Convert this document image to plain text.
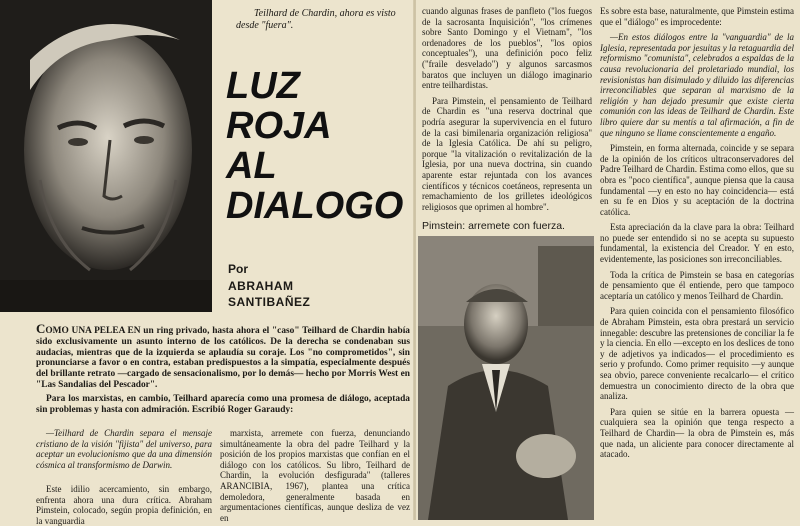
Teilhard de Chardin, ahora es visto desde "fuera".
LUZ
ROJA
AL
DIALOGO
Por
ABRAHAM SANTIBAÑEZ

COMO UNA PELEA EN un ring privado, hasta ahora el "caso" Teilhard de Chardin había sido exclusivamente un asunto interno de los católicos. De la derecha se condenaban sus audacias, mientras que de la izquierda se aplaudía su coraje. Los "no comprometidos", sin pronunciarse a favor o en contra, estaban predispuestos a la simpatía, especialmente después del brillante retrato —cargado de sensacionalismo, por lo demás— hecho por Morris West en "Las Sandalias del Pescador".

Para los marxistas, en cambio, Teilhard aparecía como una promesa de diálogo, aceptada sin problemas y hasta con admiración. Escribió Roger Garaudy:

—Teilhard de Chardin separa el mensaje cristiano de la visión "fijista" del universo, para aceptar un evolucionismo que da una dimensión cósmica al transformismo de Darwin.

Este idilio acercamiento, sin embargo, enfrenta ahora una dura crítica. Abraham Pimstein, colocado, según propia definición, en la vanguardia

marxista, arremete con fuerza, denunciando simultáneamente la obra del padre Teilhard y la posición de los propios marxistas que confían en el diálogo con los católicos. Su libro, Teilhard de Chardin, la evolución desfigurada" (talleres ARANCIBIA, 1967), plantea una crítica demoledora, generalmente basada en argumentaciones científicas, aunque desliza de vez en

cuando algunas frases de panfleto ("los fuegos de la sacrosanta Inquisición", "los crímenes sobre Santo Domingo y el Vietnam", "los ordenadores de los pueblos", "los opios conceptuales"), una definición poco feliz ("fraile desvelado") y algunos sarcasmos baratos que incluyen un diálogo imaginario entre teilhardistas.

Para Pimstein, el pensamiento de Teilhard de Chardin es "una reserva doctrinal que podría asegurar la supervivencia en el futuro de la casi bimilenaria organización religiosa" de la Iglesia Católica. De ahí su peligro, porque "la vitalización o revitalización de la Iglesia, por una nueva doctrina, sin cuando aparente estar rejuntada con los avances científicos y técnicos coetáneos, representa un remachamiento de los grilletes ideológicos religiosos que oprimen al hombre".

Pimstein: arremete con fuerza.

Es sobre esta base, naturalmente, que Pimstein estima que el "diálogo" es improcedente:

—En estos diálogos entre la "vanguardia" de la Iglesia, representada por jesuitas y la retaguardia del reformismo "comunista", celebrados a espaldas de la causa revolucionaria del proletariado mundial, los revisionistas han disimulado y diluido las diferencias irreconciliables que separan al marxismo de la religión y han dejado presumir que existe cierta comunión con las ideas de Teilhard de Chardin. Este libro quiere dar su mentís a tal afirmación, a fin de que ninguno se llame conscientemente a engaño.

Pimstein, en forma alternada, coincide y se separa de la opinión de los críticos ultraconservadores del Padre Teilhard de Chardin. Estima como ellos, que su obra es "poco científica", aunque piensa que la causa fundamental —y en esto no hay coincidencia— está en su fe en Dios y su aceptación de la doctrina católica.

Esta apreciación da la clave para la obra: Teilhard no puede ser entendido si no se acepta su supuesto fundamental, la existencia del Creador. Y en esto, evidentemente, las posiciones son irreconciliables.

Toda la crítica de Pimstein se basa en categorías de pensamiento que él entiende, pero que tampoco aceptaría un católico y menos Teilhard de Chardin.

Para quien coincida con el pensamiento filosófico de Abraham Pimstein, esta obra prestará un servicio innegable: descubre las pretensiones de conciliar la fe y la ciencia. En ello —excepto en los deslices de tono y de adjetivos ya indicados— el procedimiento es serio y profundo. Como primer requisito —y aunque sea obvio, parece conveniente recalcarlo— el crítico demuestra un conocimiento directo de la obra que analiza.

Para quien se sitúe en la barrera opuesta —cualquiera sea la opinión que tenga respecto a Teilhard de Chardin— la obra de Pimstein es, más que nada, un aliciente para conocer directamente al atacado.
